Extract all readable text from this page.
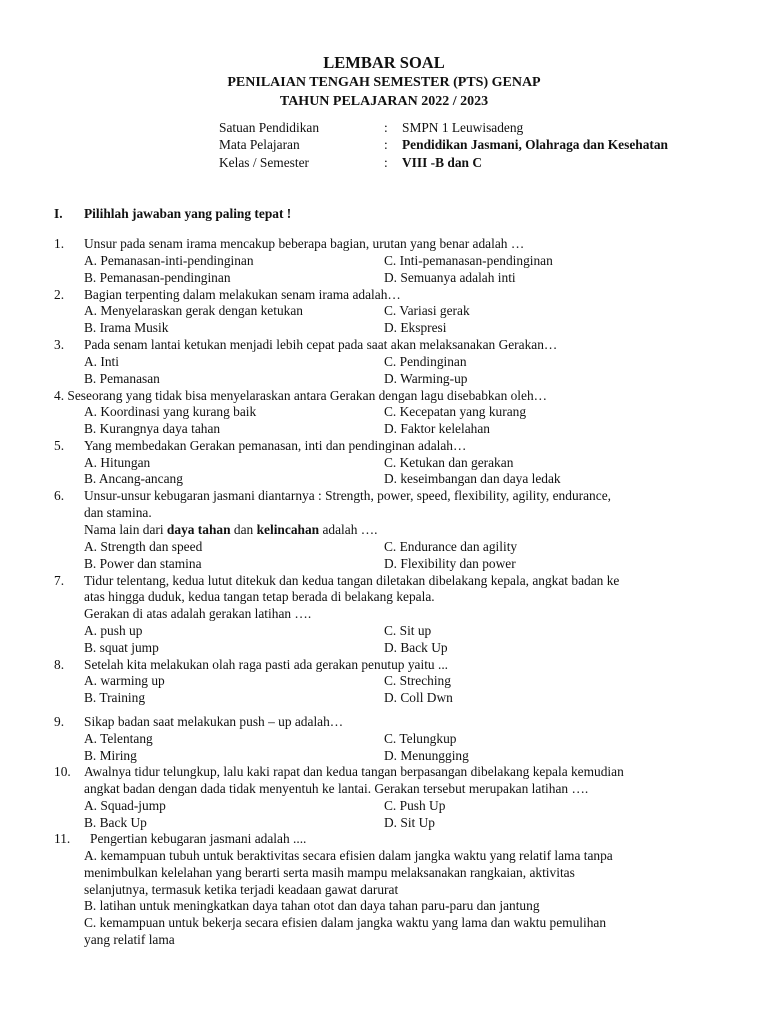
LEMBAR SOAL
PENILAIAN TENGAH SEMESTER (PTS) GENAP
TAHUN PELAJARAN 2022 / 2023
Satuan Pendidikan	: SMPN 1 Leuwisadeng
Mata Pelajaran	: Pendidikan Jasmani, Olahraga dan Kesehatan
Kelas / Semester	: VIII -B dan C
I. Pilihlah jawaban yang paling tepat !
1. Unsur pada senam irama mencakup beberapa bagian, urutan yang benar adalah …
A. Pemanasan-inti-pendinginan	C. Inti-pemanasan-pendinginan
B. Pemanasan-pendinginan	D. Semuanya adalah inti
2. Bagian terpenting dalam melakukan senam irama adalah…
A. Menyelaraskan gerak dengan ketukan	C. Variasi gerak
B. Irama Musik	D. Ekspresi
3. Pada senam lantai ketukan menjadi lebih cepat pada saat akan melaksanakan Gerakan…
A. Inti	C. Pendinginan
B. Pemanasan	D. Warming-up
4. Seseorang yang tidak bisa menyelaraskan antara Gerakan dengan lagu disebabkan oleh…
A. Koordinasi yang kurang baik	C. Kecepatan yang kurang
B. Kurangnya daya tahan	D. Faktor kelelahan
5. Yang membedakan Gerakan pemanasan, inti dan pendinginan adalah…
A. Hitungan	C. Ketukan dan gerakan
B. Ancang-ancang	D. keseimbangan dan daya ledak
6. Unsur-unsur kebugaran jasmani diantarnya : Strength, power, speed, flexibility, agility, endurance,
dan stamina.
Nama lain dari daya tahan dan kelincahan adalah ….
A. Strength dan speed	C. Endurance dan agility
B. Power dan stamina	D. Flexibility dan power
7. Tidur telentang, kedua lutut ditekuk dan kedua tangan diletakan dibelakang kepala, angkat badan ke
atas hingga duduk, kedua tangan tetap berada di belakang kepala.
Gerakan di atas adalah gerakan latihan ….
A. push up	C. Sit up
B. squat jump	D. Back Up
8. Setelah kita melakukan olah raga pasti ada gerakan penutup yaitu ...
A. warming up	C. Streching
B. Training	D. Coll Dwn
9. Sikap badan saat melakukan push – up adalah…
A. Telentang	C. Telungkup
B. Miring	D. Menungging
10. Awalnya tidur telungkup, lalu kaki rapat dan kedua tangan berpasangan dibelakang kepala kemudian
angkat badan dengan dada tidak menyentuh ke lantai. Gerakan tersebut merupakan latihan ….
A. Squad-jump	C. Push Up
B. Back Up	D. Sit Up
11. Pengertian kebugaran jasmani adalah ....
A. kemampuan tubuh untuk beraktivitas secara efisien dalam jangka waktu yang relatif lama tanpa
menimbulkan kelelahan yang berarti serta masih mampu melaksanakan rangkaian, aktivitas
selanjutnya, termasuk ketika terjadi keadaan gawat darurat
B. latihan untuk meningkatkan daya tahan otot dan daya tahan paru-paru dan jantung
C. kemampuan untuk bekerja secara efisien dalam jangka waktu yang lama dan waktu pemulihan
yang relatif lama
